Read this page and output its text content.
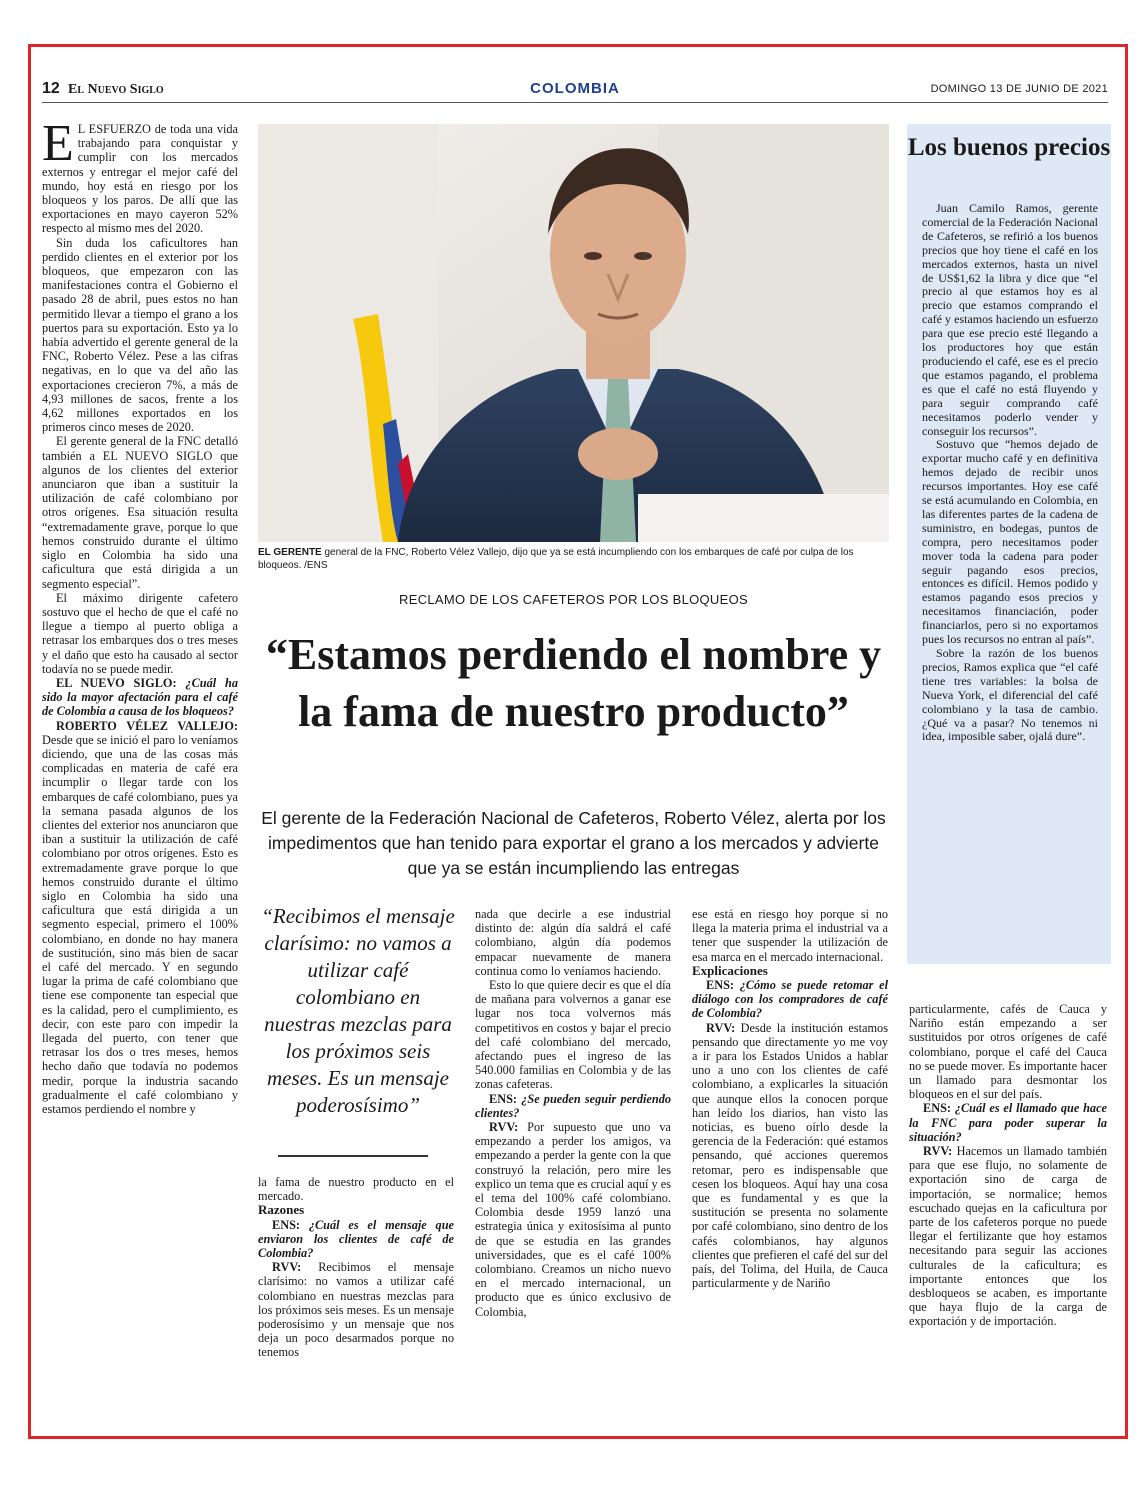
12 El Nuevo Siglo	COLOMBIA	DOMINGO 13 DE JUNIO DE 2021

E L ESFUERZO de toda una vida trabajando para conquistar y cumplir con los mercados externos y entregar el mejor café del mundo, hoy está en riesgo por los bloqueos y los paros. De allí que las exportaciones en mayo cayeron 52% respecto al mismo mes del 2020.

Sin duda los caficultores han perdido clientes en el exterior por los bloqueos, que empezaron con las manifestaciones contra el Gobierno el pasado 28 de abril, pues estos no han permitido llevar a tiempo el grano a los puertos para su exportación. Esto ya lo había advertido el gerente general de la FNC, Roberto Vélez. Pese a las cifras negativas, en lo que va del año las exportaciones crecieron 7%, a más de 4,93 millones de sacos, frente a los 4,62 millones exportados en los primeros cinco meses de 2020.

El gerente general de la FNC detalló también a EL NUEVO SIGLO que algunos de los clientes del exterior anunciaron que iban a sustituir la utilización de café colombiano por otros orígenes. Esa situación resulta “extremadamente grave, porque lo que hemos construido durante el último siglo en Colombia ha sido una caficultura que está dirigida a un segmento especial”.

El máximo dirigente cafetero sostuvo que el hecho de que el café no llegue a tiempo al puerto obliga a retrasar los embarques dos o tres meses y el daño que esto ha causado al sector todavía no se puede medir.

EL NUEVO SIGLO: ¿Cuál ha sido la mayor afectación para el café de Colombia a causa de los bloqueos?

ROBERTO VÉLEZ VALLEJO: Desde que se inició el paro lo veníamos diciendo, que una de las cosas más complicadas en materia de café era incumplir o llegar tarde con los embarques de café colombiano, pues ya la semana pasada algunos de los clientes del exterior nos anunciaron que iban a sustituir la utilización de café colombiano por otros orígenes. Esto es extremadamente grave porque lo que hemos construido durante el último siglo en Colombia ha sido una caficultura que está dirigida a un segmento especial, primero el 100% colombiano, en donde no hay manera de sustitución, sino más bien de sacar el café del mercado. Y en segundo lugar la prima de café colombiano que tiene ese componente tan especial que es la calidad, pero el cumplimiento, es decir, con este paro con impedir la llegada del puerto, con tener que retrasar los dos o tres meses, hemos hecho daño que todavía no podemos medir, porque la industria sacando gradualmente el café colombiano y estamos perdiendo el nombre y

EL GERENTE general de la FNC, Roberto Vélez Vallejo, dijo que ya se está incumpliendo con los embarques de café por culpa de los bloqueos. /ENS
RECLAMO DE LOS CAFETEROS POR LOS BLOQUEOS
“Estamos perdiendo el nombre y la fama de nuestro producto”
El gerente de la Federación Nacional de Cafeteros, Roberto Vélez, alerta por los impedimentos que han tenido para exportar el grano a los mercados y advierte que ya se están incumpliendo las entregas
“Recibimos el mensaje clarísimo: no vamos a utilizar café colombiano en nuestras mezclas para los próximos seis meses. Es un mensaje poderosísimo”

la fama de nuestro producto en el mercado.

Razones

ENS: ¿Cuál es el mensaje que enviaron los clientes de café de Colombia?

RVV: Recibimos el mensaje clarísimo: no vamos a utilizar café colombiano en nuestras mezclas para los próximos seis meses. Es un mensaje poderosísimo y un mensaje que nos deja un poco desarmados porque no tenemos

nada que decirle a ese industrial distinto de: algún día saldrá el café colombiano, algún día podemos empacar nuevamente de manera continua como lo veníamos haciendo.

Esto lo que quiere decir es que el día de mañana para volvernos a ganar ese lugar nos toca volvernos más competitivos en costos y bajar el precio del café colombiano del mercado, afectando pues el ingreso de las 540.000 familias en Colombia y de las zonas cafeteras.

ENS: ¿Se pueden seguir perdiendo clientes?

RVV: Por supuesto que uno va empezando a perder los amigos, va empezando a perder la gente con la que construyó la relación, pero mire les explico un tema que es crucial aquí y es el tema del 100% café colombiano. Colombia desde 1959 lanzó una estrategia única y exitosísima al punto de que se estudia en las grandes universidades, que es el café 100% colombiano. Creamos un nicho nuevo en el mercado internacional, un producto que es único exclusivo de Colombia,

ese está en riesgo hoy porque si no llega la materia prima el industrial va a tener que suspender la utilización de esa marca en el mercado internacional.

Explicaciones

ENS: ¿Cómo se puede retomar el diálogo con los compradores de café de Colombia?

RVV: Desde la institución estamos pensando que directamente yo me voy a ir para los Estados Unidos a hablar uno a uno con los clientes de café colombiano, a explicarles la situación que aunque ellos la conocen porque han leído los diarios, han visto las noticias, es bueno oírlo desde la gerencia de la Federación: qué estamos pensando, qué acciones queremos retomar, pero es indispensable que cesen los bloqueos. Aquí hay una cosa que es fundamental y es que la sustitución se presenta no solamente por café colombiano, sino dentro de los cafés colombianos, hay algunos clientes que prefieren el café del sur del país, del Tolima, del Huila, de Cauca particularmente y de Nariño

Los buenos precios

Juan Camilo Ramos, gerente comercial de la Federación Nacional de Cafeteros, se refirió a los buenos precios que hoy tiene el café en los mercados externos, hasta un nivel de US$1,62 la libra y dice que “el precio al que estamos hoy es al precio que estamos comprando el café y estamos haciendo un esfuerzo para que ese precio esté llegando a los productores hoy que están produciendo el café, ese es el precio que estamos pagando, el problema es que el café no está fluyendo y para seguir comprando café necesitamos poderlo vender y conseguir los recursos”.

Sostuvo que “hemos dejado de exportar mucho café y en definitiva hemos dejado de recibir unos recursos importantes. Hoy ese café se está acumulando en Colombia, en las diferentes partes de la cadena de suministro, en bodegas, puntos de compra, pero necesitamos poder mover toda la cadena para poder seguir pagando esos precios, entonces es difícil. Hemos podido y estamos pagando esos precios y necesitamos financiación, poder financiarlos, pero si no exportamos pues los recursos no entran al país”.

Sobre la razón de los buenos precios, Ramos explica que “el café tiene tres variables: la bolsa de Nueva York, el diferencial del café colombiano y la tasa de cambio. ¿Qué va a pasar? No tenemos ni idea, imposible saber, ojalá dure”.

particularmente, cafés de Cauca y Nariño están empezando a ser sustituidos por otros orígenes de café colombiano, porque el café del Cauca no se puede mover. Es importante hacer un llamado para desmontar los bloqueos en el sur del país.

ENS: ¿Cuál es el llamado que hace la FNC para poder superar la situación?

RVV: Hacemos un llamado también para que ese flujo, no solamente de exportación sino de carga de importación, se normalice; hemos escuchado quejas en la caficultura por parte de los cafeteros porque no puede llegar el fertilizante que hoy estamos necesitando para seguir las acciones culturales de la caficultura; es importante entonces que los desbloqueos se acaben, es importante que haya flujo de la carga de exportación y de importación.
